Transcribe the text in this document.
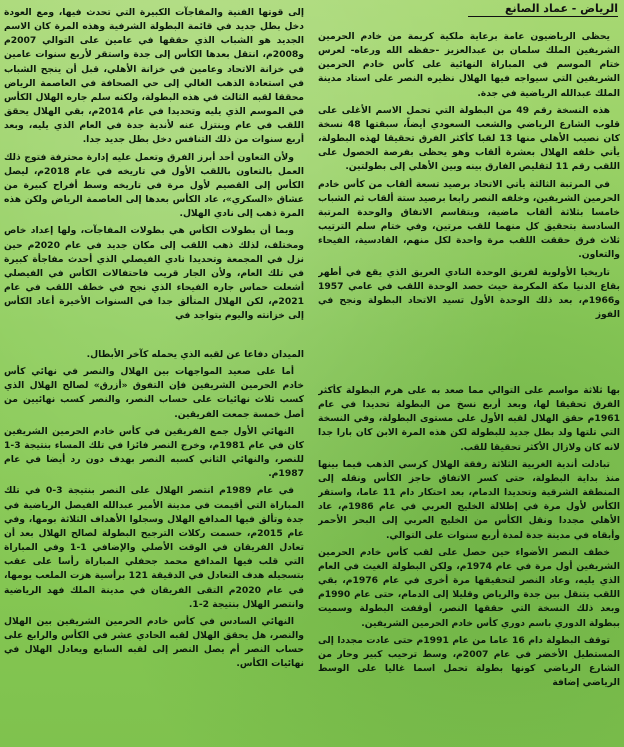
الرياض - عماد الصانع

يحظى الرياضيون عامة برعاية ملكية كريمة من خادم الحرمين الشريفين الملك سلمان بن عبدالعزيز -حفظه الله ورعاه- لعرس ختام الموسم في المباراة النهائية على كأس خادم الحرمين الشريفين التي سيواجه فيها الهلال نظيره النصر على استاد مدينة الملك عبدالله الرياضية في جدة.

هذه النسخة رقم 49 من البطولة التي تحمل الاسم الأغلى على قلوب الشارع الرياضي والشعب السعودي أيضاً، سبقتها 48 نسخة كان نصيب الأهلي منها 13 لقبا كأكثر الفرق تحقيقا لهذه البطولة، يأتي خلفه الهلال بعشرة ألقاب وهو يحظى بفرصة الحصول على اللقب رقم 11 لتقليص الفارق بينه وبين الأهلي إلى بطولتين.

في المرتبة الثالثة يأتي الاتحاد برصيد تسعة ألقاب من كأس خادم الحرمين الشريفين، وخلفه النصر رابعا برصيد ستة ألقاب ثم الشباب خامسا بثلاثة ألقاب ماضية، ويتقاسم الاتفاق والوحدة المرتبة السادسة بتحقيق كل منهما للقب مرتين، وفي ختام سلم الترتيب ثلاث فرق حققت اللقب مرة واحدة لكل منهم، القادسية، الفيحاء والتعاون.

تاريخيا الأولوية لفريق الوحدة النادي العريق الذي يقع في أطهر بقاع الدنيا مكة المكرمة حيث حصد الوحدة اللقب في عامي 1957 و1966م، بعد ذلك الوحدة الأول تسيد الاتحاد البطولة ونجح في الفوز

إلى قوتها الفنية والمفاجآت الكبيرة التي تحدث فيها، ومع العودة دخل بطل جديد في قائمة البطولة الشرفية وهذه المرة كان الاسم الجديد هو الشباب الذي حققها في عامين على التوالي 2007م و2008م، انتقل بعدها الكأس إلى جدة واستقر لأربع سنوات عامين في خزانة الاتحاد وعامين في خزانة الأهلي، قبل أن ينجح الشباب في استعادة الذهب الغالي إلى حي الصحافة في العاصمة الرياض محققا لقبه الثالث في هذه البطولة، ولكنه سلم جاره الهلال الكأس في الموسم الذي يليه وتحديدا في عام 2014م، بقي الهلال يحقق اللقب في عام وينتزل عنه لأندية جدة في العام الذي يليه، وبعد أربع سنوات من ذلك التنافس دخل بطل جديد جدا.

ولأن التعاون أحد أبرز الفرق وتعمل عليه إدارة محترفة فتوج ذلك العمل بالتعاون باللقب الأول في تاريخه في عام 2018م، ليصل الكأس إلى القصيم لأول مرة في تاريخه وسط أفراح كبيرة من عشاق «السكري»، عاد الكأس بعدها إلى العاصمة الرياض ولكن هذه المرة ذهب إلى نادي الهلال.

وبما أن بطولات الكأس هي بطولات المفاجآت، ولها إعداد خاص ومختلف، لذلك ذهب اللقب إلى مكان جديد في عام 2020م حين نزل في المجمعة وتحديدا نادي الفيصلي الذي أحدث مفاجأة كبيرة في تلك العام، ولأن الجار قريب فاحتفالات الكأس في الفيصلي أشعلت حماس جاره الفيحاء الذي نجح في خطف اللقب في عام 2021م، لكن الهلال المتألق جدا في السنوات الأخيرة أعاد الكأس إلى خزانته واليوم يتواجد في

بها ثلاثة مواسم على التوالي مما صعد به على هرم البطولة كأكثر الفرق تحقيقا لها، وبعد أربع نسخ من البطولة تحديدا في عام 1961م حقق الهلال لقبه الأول على مستوى البطولة، وفي النسخة التي تلتها ولد بطل جديد للبطولة لكن هذه المرة الابن كان بارا جدا لانه كان ولازال الأكثر تحقيقا للقب.

تبادلت أندية الغربية الثلاثة رفقة الهلال كرسي الذهب فيما بينها منذ بداية البطولة، حتى كسر الاتفاق حاجز الكأس ونقله إلى المنطقة الشرقية وتحديدا الدمام، بعد احتكار دام 11 عاما، واستقر الكأس لأول مرة في إطلالة الخليج العربي في عام 1986م، عاد الأهلي مجددا ونقل الكأس من الخليج العربي إلى البحر الأحمر وأبقاه في مدينة جدة لمدة أربع سنوات على التوالي.

خطف النصر الأضواء حين حصل على لقب كأس خادم الحرمين الشريفين أول مرة في عام 1974م، ولكن البطولة الغيث في العام الذي يليه، وعاد النصر لتحقيقها مرة أخرى في عام 1976م، بقي اللقب يتنقل بين جدة والرياض وقليلا إلى الدمام، حتى عام 1990م وبعد ذلك النسخة التي حققها النصر، أوقفت البطولة وسميت ببطولة الدوري باسم دوري كأس خادم الحرمين الشريفين.

توقف البطولة دام 16 عاما من عام 1991م حتى عادت مجددا إلى المستطيل الأخضر في عام 2007م، وسط ترحيب كبير وحار من الشارع الرياضي كونها بطولة تحمل اسما غاليا على الوسط الرياضي إضافة

الميدان دفاعا عن لقبه الذي يحمله كآخر الأبطال.

أما على صعيد المواجهات بين الهلال والنصر في نهائي كأس خادم الحرمين الشريفين فإن التفوق «أزرق» لصالح الهلال الذي كسب ثلاث نهائيات على حساب النصر، والنصر كسب نهائيين من أصل خمسة جمعت الفريقين.

النهائي الأول جمع الفريقين في كأس خادم الحرمين الشريفين كان في عام 1981م، وخرج النصر فائزا في تلك المساء بنتيجة 3-1 للنصر، والنهائي الثاني كسبه النصر بهدف دون رد أيضا في عام 1987م.

في عام 1989م انتصر الهلال على النصر بنتيجة 3-0 في تلك المباراة التي أقيمت في مدينة الأمير عبدالله الفيصل الرياضية في جدة وتألق فيها المدافع الهلال وسجلوا الأهداف الثلاثة بومها، وفي عام 2015م، حسمت ركلات الترجيح البطولة لصالح الهلال بعد أن تعادل الفريقان في الوقت الأصلي والإضافي 1-1 وفي المباراة التي قلب فيها المدافع محمد جحفلي المباراة رأسا على عقب بتسجيله هدف التعادل في الدقيقة 121 برأسية هزت الملعب يومها، في عام 2020م التقى الفريقان في مدينة الملك فهد الرياضية وانتصر الهلال بنتيجة 2-1.

النهائي السادس في كأس خادم الحرمين الشريفين بين الهلال والنصر، هل يحقق الهلال لقبه الحادي عشر في الكأس والرابع على حساب النصر أم يصل النصر إلى لقبه السابع ويعادل الهلال في نهائيات الكأس.
